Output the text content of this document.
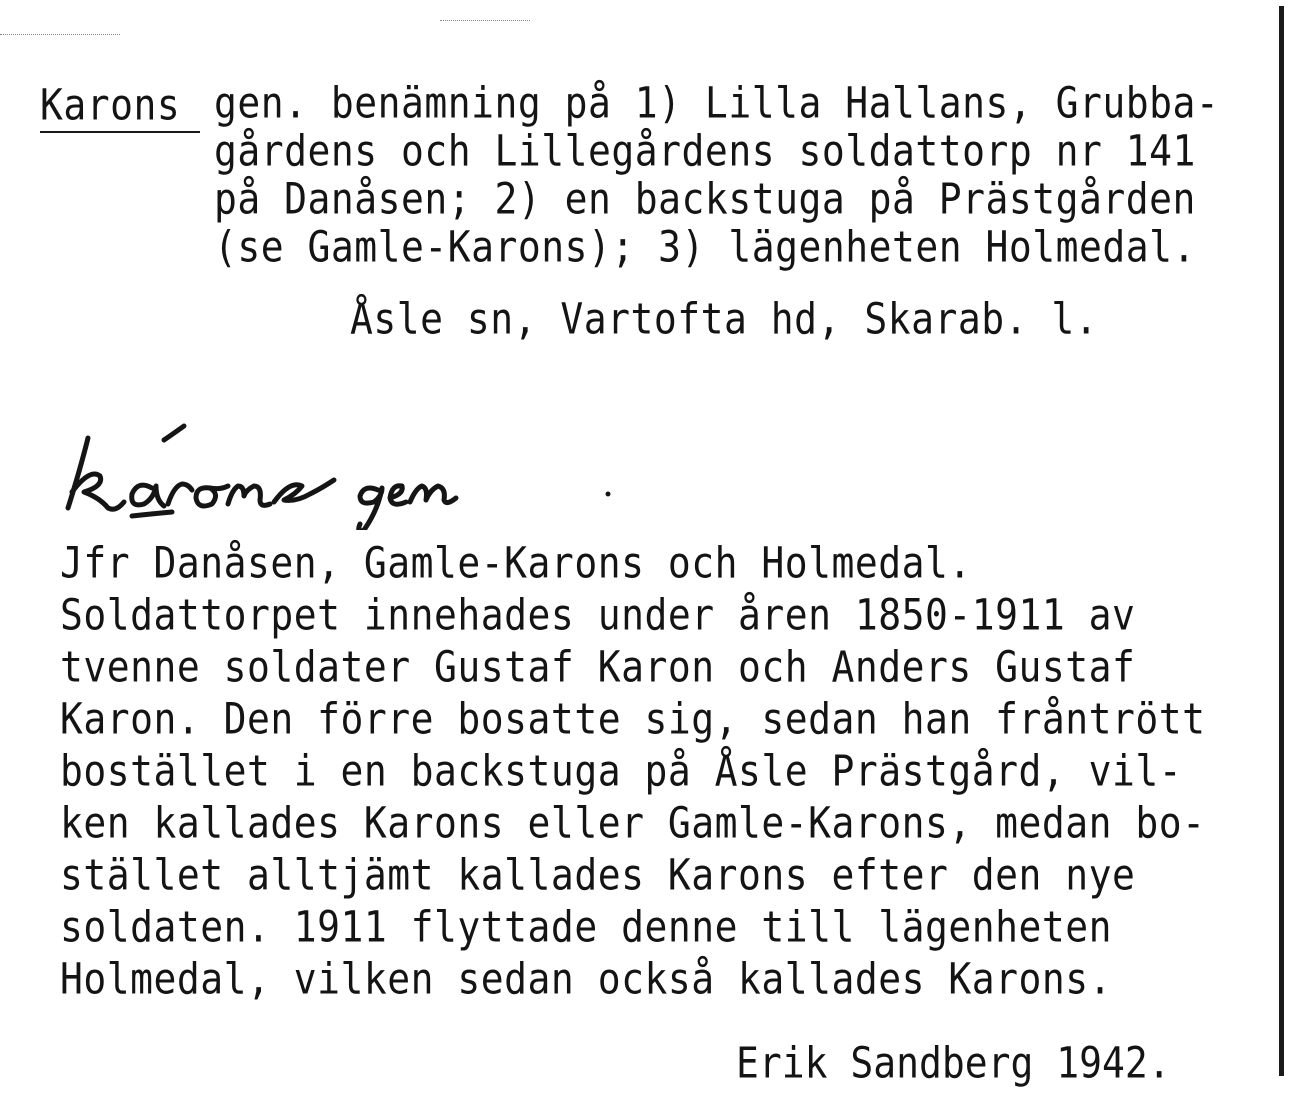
Karons gen. benämning på 1) Lilla Hallans, Grubba-
gårdens och Lillegårdens soldattorp nr 141
på Danåsen; 2) en backstuga på Prästgården
(se Gamle-Karons); 3) lägenheten Holmedal.
Åsle sn, Vartofta hd, Skarab. l.
Jfr Danåsen, Gamle-Karons och Holmedal.
Soldattorpet innehades under åren 1850-1911 av
tvenne soldater Gustaf Karon och Anders Gustaf
Karon. Den förre bosatte sig, sedan han fråntrött
bostället i en backstuga på Åsle Prästgård, vil-
ken kallades Karons eller Gamle-Karons, medan bo-
stället alltjämt kallades Karons efter den nye
soldaten. 1911 flyttade denne till lägenheten
Holmedal, vilken sedan också kallades Karons.
Erik Sandberg 1942.
